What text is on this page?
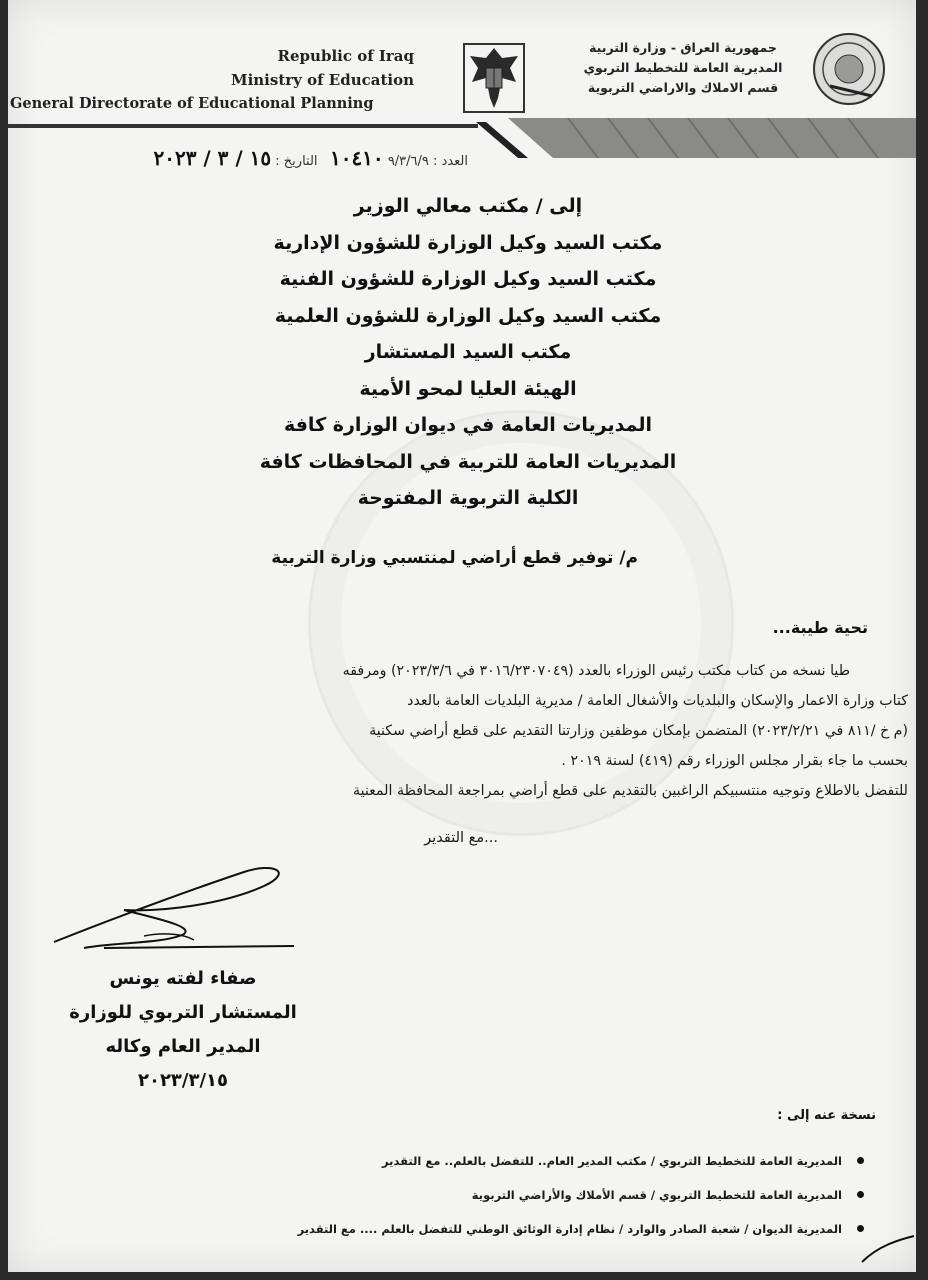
Republic of Iraq
Ministry of Education
General Directorate of Educational Planning
جمهورية العراق - وزارة التربية
المديرية العامة للتخطيط التربوي
قسم الاملاك والاراضي التربوية
العدد : ٩/٣/٦/٩ ١٠٤١٠   التاريخ : ١٥ / ٣ / ٢٠٢٣
إلى / مكتب معالي الوزير
مكتب السيد وكيل الوزارة للشؤون الإدارية
مكتب السيد وكيل الوزارة للشؤون الفنية
مكتب السيد وكيل الوزارة للشؤون العلمية
مكتب السيد المستشار
الهيئة العليا لمحو الأمية
المديريات العامة في ديوان الوزارة كافة
المديريات العامة للتربية في المحافظات كافة
الكلية التربوية المفتوحة
م/ توفير قطع أراضي لمنتسبي وزارة التربية
تحية طيبة...
طيا نسخه من كتاب مكتب رئيس الوزراء بالعدد (٣٠١٦/٢٣٠٧٠٤٩ في ٢٠٢٣/٣/٦) ومرفقه
كتاب وزارة الاعمار والإسكان والبلديات والأشغال العامة / مديرية البلديات العامة بالعدد
(م خ /٨١١ في ٢٠٢٣/٢/٢١) المتضمن بإمكان موظفين وزارتنا التقديم على قطع أراضي سكنية
بحسب ما جاء بقرار مجلس الوزراء رقم (٤١٩) لسنة ٢٠١٩ .
للتفضل بالاطلاع وتوجيه منتسبيكم الراغبين بالتقديم على قطع أراضي بمراجعة المحافظة المعنية
...مع التقدير
صفاء لفته يونس
المستشار التربوي للوزارة
المدير العام وكاله
٢٠٢٣/٣/١٥
نسخة عنه إلى :
المديرية العامة للتخطيط التربوي / مكتب المدير العام.. للتفضل بالعلم.. مع التقدير
المديرية العامة للتخطيط التربوي / قسم الأملاك والأراضي التربوية
المديرية الديوان / شعبة الصادر والوارد / نظام إدارة الوثائق الوطني للتفضل بالعلم .... مع التقدير
